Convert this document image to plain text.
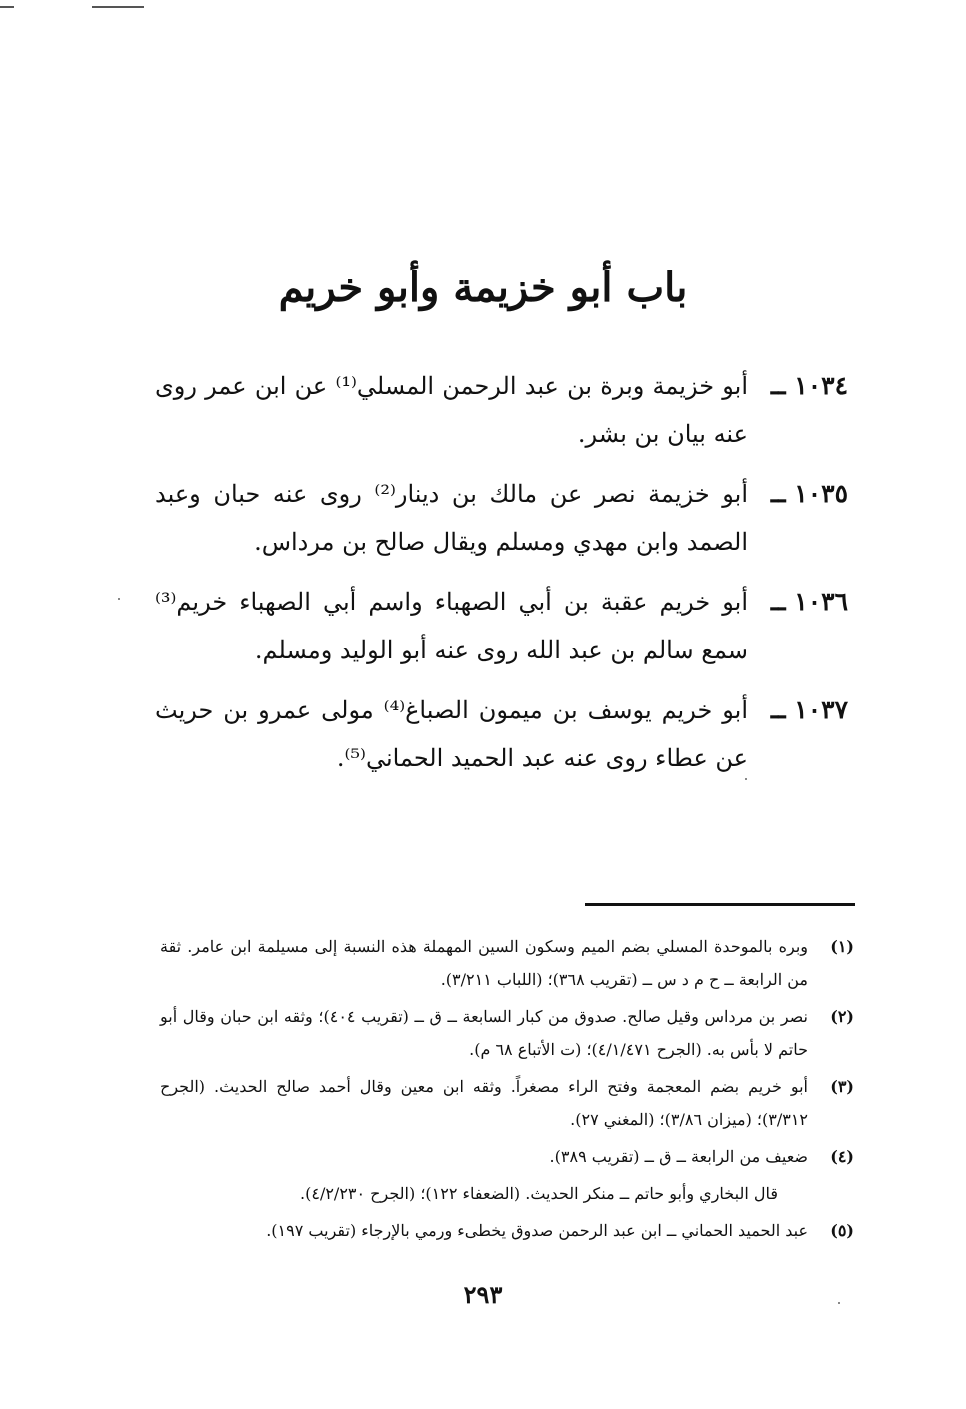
باب أبو خزيمة وأبو خريم
١٠٣٤ ــ
أبو خزيمة وبرة بن عبد الرحمن المسلي⁽¹⁾ عن ابن عمر روى عنه بيان بن بشر.
١٠٣٥ ــ
أبو خزيمة نصر عن مالك بن دينار⁽²⁾ روى عنه حبان وعبد الصمد وابن مهدي ومسلم ويقال صالح بن مرداس.
١٠٣٦ ــ
أبو خريم عقبة بن أبي الصهباء واسم أبي الصهباء خريم⁽³⁾ سمع سالم بن عبد الله روى عنه أبو الوليد ومسلم.
١٠٣٧ ــ
أبو خريم يوسف بن ميمون الصباغ⁽⁴⁾ مولى عمرو بن حريث عن عطاء روى عنه عبد الحميد الحماني⁽⁵⁾.
(١)
وبره بالموحدة المسلي بضم الميم وسكون السين المهملة هذه النسبة إلى مسيلمة ابن عامر. ثقة من الرابعة ــ ح م د س ــ (تقريب ٣٦٨)؛ (اللباب ٣/٢١١).
(٢)
نصر بن مرداس وقيل صالح. صدوق من كبار السابعة ــ ق ــ (تقريب ٤٠٤)؛ وثقه ابن حبان وقال أبو حاتم لا بأس به. (الجرح ٤/١/٤٧١)؛ (ت الأتباع ٦٨ م).
(٣)
أبو خريم بضم المعجمة وفتح الراء مصغراً. وثقه ابن معين وقال أحمد صالح الحديث. (الجرح ٣/٣١٢)؛ (ميزان ٣/٨٦)؛ (المغني ٢٧).
(٤)
ضعيف من الرابعة ــ ق ــ (تقريب ٣٨٩).
قال البخاري وأبو حاتم ــ منكر الحديث. (الضعفاء ١٢٢)؛ (الجرح ٤/٢/٢٣٠).
(٥)
عبد الحميد الحماني ــ ابن عبد الرحمن صدوق يخطىء ورمي بالإرجاء (تقريب ١٩٧).
٢٩٣
